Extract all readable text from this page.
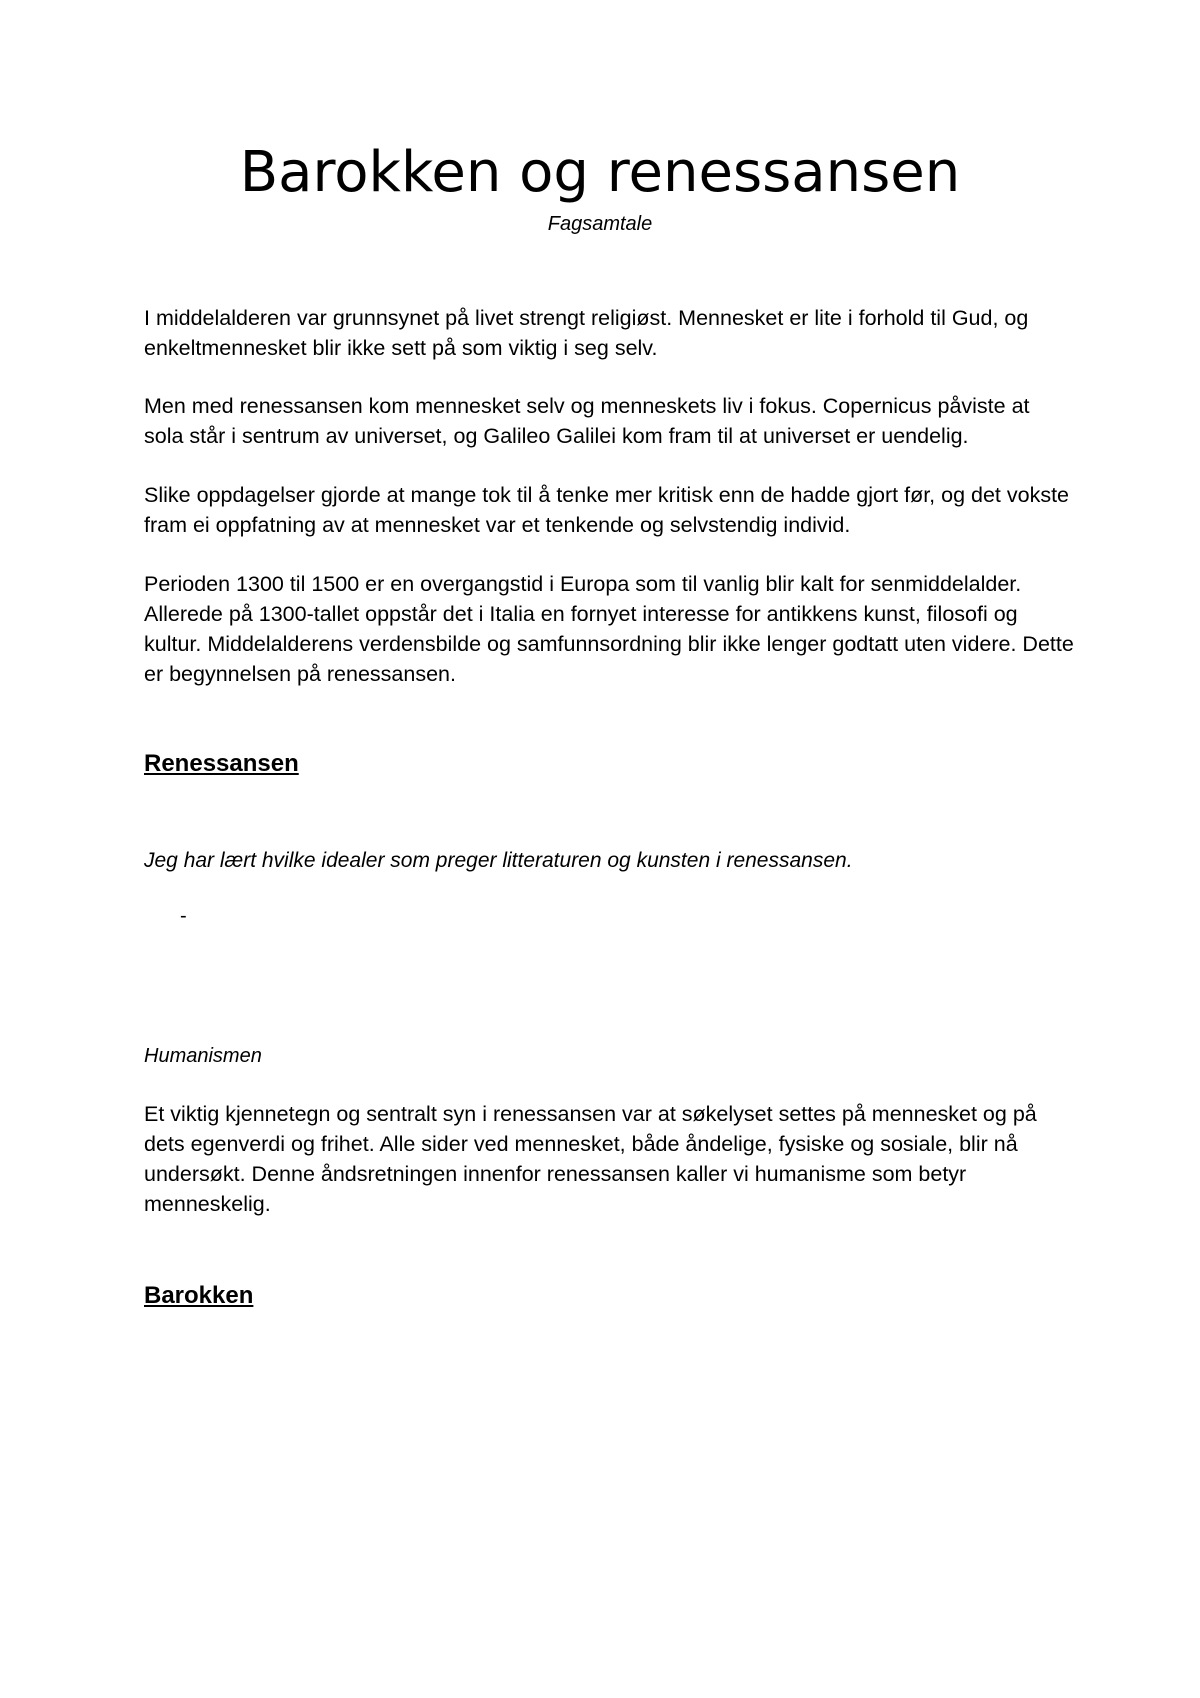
Barokken og renessansen
Fagsamtale

I middelalderen var grunnsynet på livet strengt religiøst. Mennesket er lite i forhold til Gud, og enkeltmennesket blir ikke sett på som viktig i seg selv.

Men med renessansen kom mennesket selv og menneskets liv i fokus. Copernicus påviste at sola står i sentrum av universet, og Galileo Galilei kom fram til at universet er uendelig.

Slike oppdagelser gjorde at mange tok til å tenke mer kritisk enn de hadde gjort før, og det vokste fram ei oppfatning av at mennesket var et tenkende og selvstendig individ.

Perioden 1300 til 1500 er en overgangstid i Europa som til vanlig blir kalt for senmiddelalder. Allerede på 1300-tallet oppstår det i Italia en fornyet interesse for antikkens kunst, filosofi og kultur. Middelalderens verdensbilde og samfunnsordning blir ikke lenger godtatt uten videre. Dette er begynnelsen på renessansen.

Renessansen
Jeg har lært hvilke idealer som preger litteraturen og kunsten i renessansen.
-
Humanismen

Et viktig kjennetegn og sentralt syn i renessansen var at søkelyset settes på mennesket og på dets egenverdi og frihet. Alle sider ved mennesket, både åndelige, fysiske og sosiale, blir nå undersøkt. Denne åndsretningen innenfor renessansen kaller vi humanisme som betyr menneskelig.

Barokken
